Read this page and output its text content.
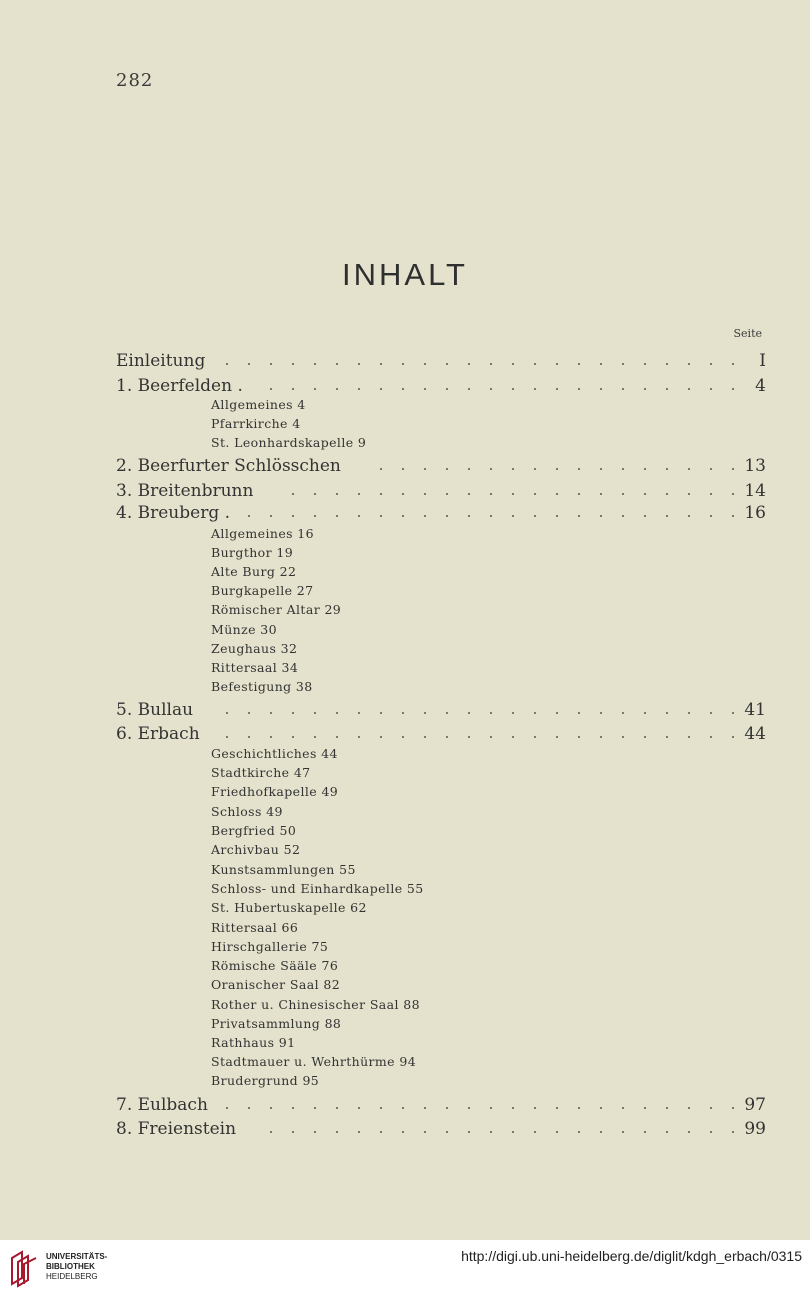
282
INHALT
Seite
Einleitung	I
1. Beerfelden .	4
Allgemeines 4
Pfarrkirche 4
St. Leonhardskapelle 9
2. Beerfurter Schlösschen	13
3. Breitenbrunn	14
4. Breuberg .	16
Allgemeines 16
Burgthor 19
Alte Burg 22
Burgkapelle 27
Römischer Altar 29
Münze 30
Zeughaus 32
Rittersaal 34
Befestigung 38
5. Bullau	41
6. Erbach	44
Geschichtliches 44
Stadtkirche 47
Friedhofkapelle 49
Schloss 49
Bergfried 50
Archivbau 52
Kunstsammlungen 55
Schloss- und Einhardkapelle 55
St. Hubertuskapelle 62
Rittersaal 66
Hirschgallerie 75
Römische Sääle 76
Oranischer Saal 82
Rother u. Chinesischer Saal 88
Privatsammlung 88
Rathhaus 91
Stadtmauer u. Wehrthürme 94
Brudergrund 95
7. Eulbach	97
8. Freienstein	99
UNIVERSITÄTS-
BIBLIOTHEK
HEIDELBERG
http://digi.ub.uni-heidelberg.de/diglit/kdgh_erbach/0315
